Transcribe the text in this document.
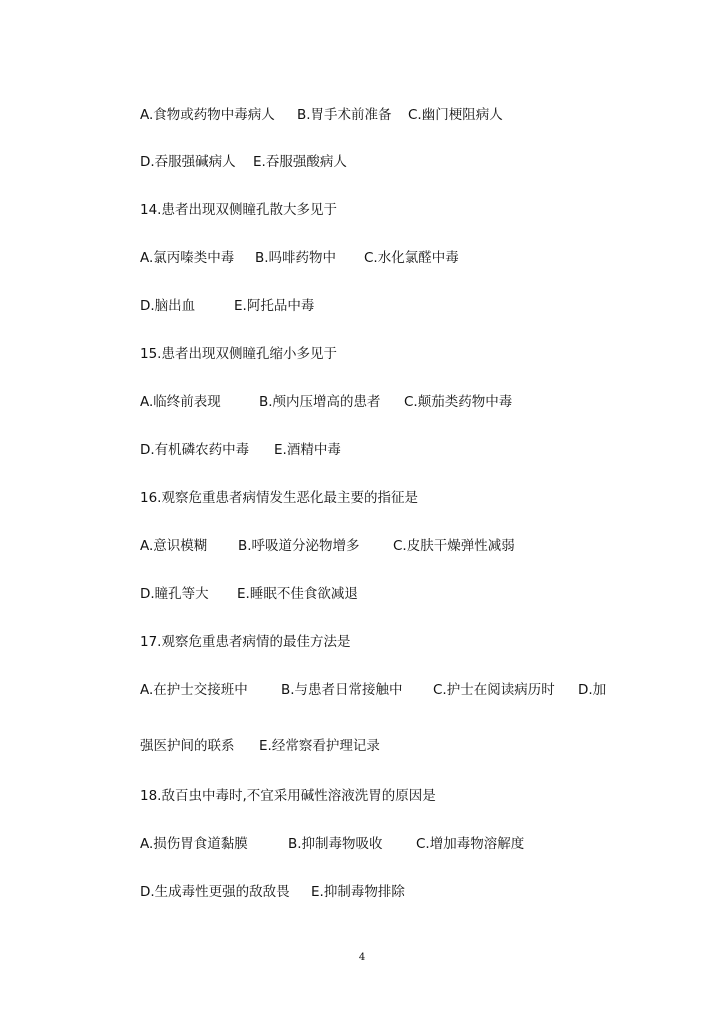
A.食物或药物中毒病人 B.胃手术前准备 C.幽门梗阻病人
D.吞服强碱病人 E.吞服强酸病人
14.患者出现双侧瞳孔散大多见于
A.氯丙嗪类中毒 B.吗啡药物中 C.水化氯醛中毒
D.脑出血	E.阿托品中毒
15.患者出现双侧瞳孔缩小多见于
A.临终前表现	B.颅内压增高的患者 C.颠茄类药物中毒
D.有机磷农药中毒 E.酒精中毒
16.观察危重患者病情发生恶化最主要的指征是
A.意识模糊 B.呼吸道分泌物增多 C.皮肤干燥弹性减弱
D.瞳孔等大 E.睡眠不佳食欲减退
17.观察危重患者病情的最佳方法是
A.在护士交接班中 B.与患者日常接触中 C.护士在阅读病历时 D.加
强医护间的联系 E.经常察看护理记录
18.敌百虫中毒时,不宜采用碱性溶液洗胃的原因是
A.损伤胃食道黏膜	B.抑制毒物吸收 C.增加毒物溶解度
D.生成毒性更强的敌敌畏 E.抑制毒物排除
4
